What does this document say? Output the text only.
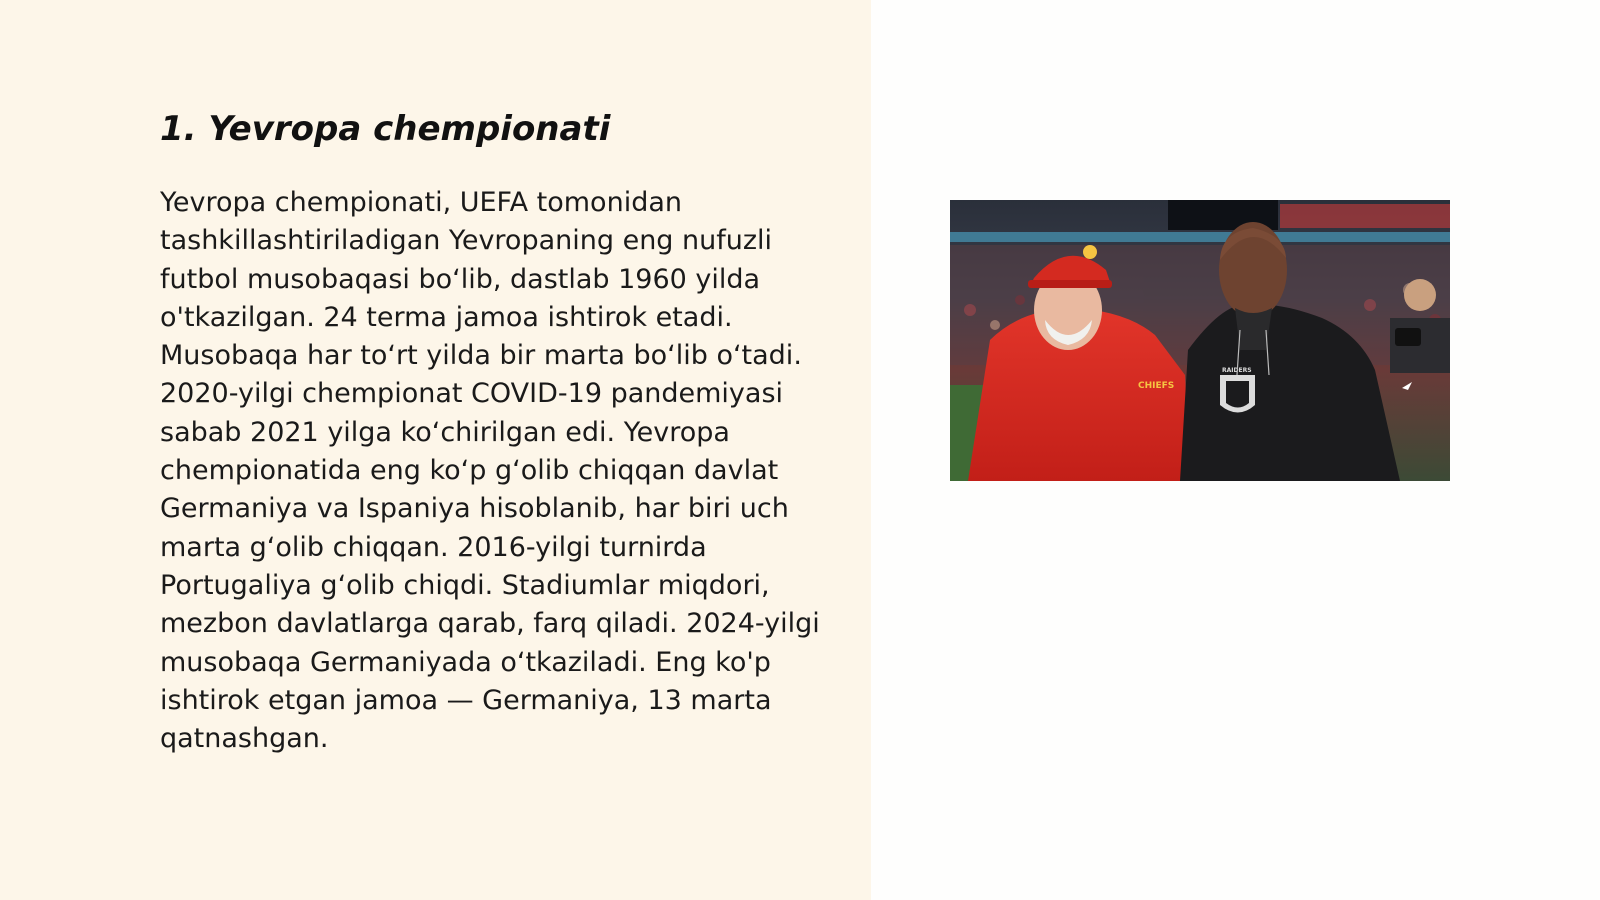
1. Yevropa chempionati

Yevropa chempionati, UEFA tomonidan tashkillashtiriladigan Yevropaning eng nufuzli futbol musobaqasi boʻlib, dastlab 1960 yilda o'tkazilgan. 24 terma jamoa ishtirok etadi. Musobaqa har toʻrt yilda bir marta boʻlib oʻtadi. 2020-yilgi chempionat COVID-19 pandemiyasi sabab 2021 yilga koʻchirilgan edi. Yevropa chempionatida eng koʻp gʻolib chiqqan davlat Germaniya va Ispaniya hisoblanib, har biri uch marta gʻolib chiqqan. 2016-yilgi turnirda Portugaliya gʻolib chiqdi. Stadiumlar miqdori, mezbon davlatlarga qarab, farq qiladi. 2024-yilgi musobaqa Germaniyada oʻtkaziladi. Eng ko'p ishtirok etgan jamoa — Germaniya, 13 marta qatnashgan.

CHIEFS
RAIDERS
